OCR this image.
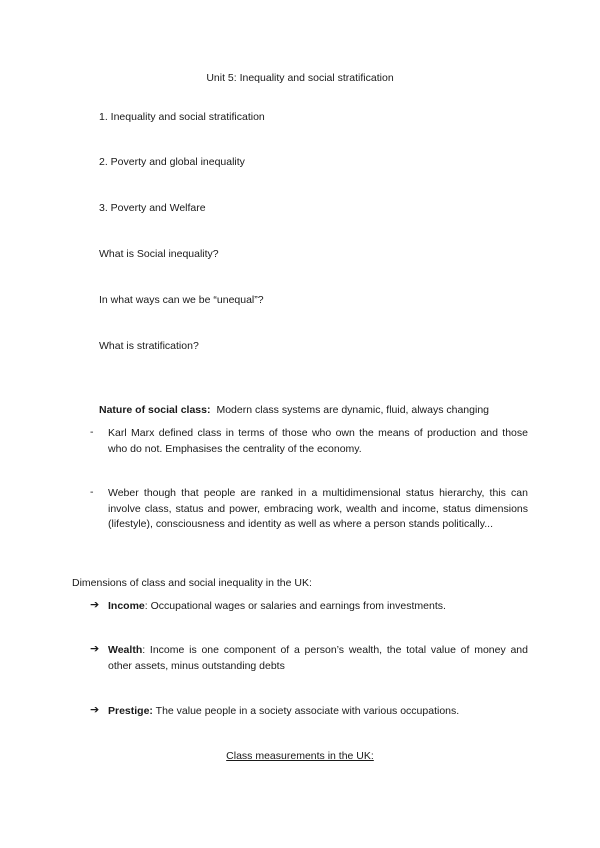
Unit 5: Inequality and social stratification
1. Inequality and social stratification
2. Poverty and global inequality
3. Poverty and Welfare
What is Social inequality?
In what ways can we be “unequal”?
What is stratification?
Nature of social class: Modern class systems are dynamic, fluid, always changing
- Karl Marx defined class in terms of those who own the means of production and those who do not. Emphasises the centrality of the economy.
- Weber though that people are ranked in a multidimensional status hierarchy, this can involve class, status and power, embracing work, wealth and income, status dimensions (lifestyle), consciousness and identity as well as where a person stands politically...
Dimensions of class and social inequality in the UK:
➔ Income: Occupational wages or salaries and earnings from investments.
➔ Wealth: Income is one component of a person’s wealth, the total value of money and other assets, minus outstanding debts
➔ Prestige: The value people in a society associate with various occupations.
Class measurements in the UK:
